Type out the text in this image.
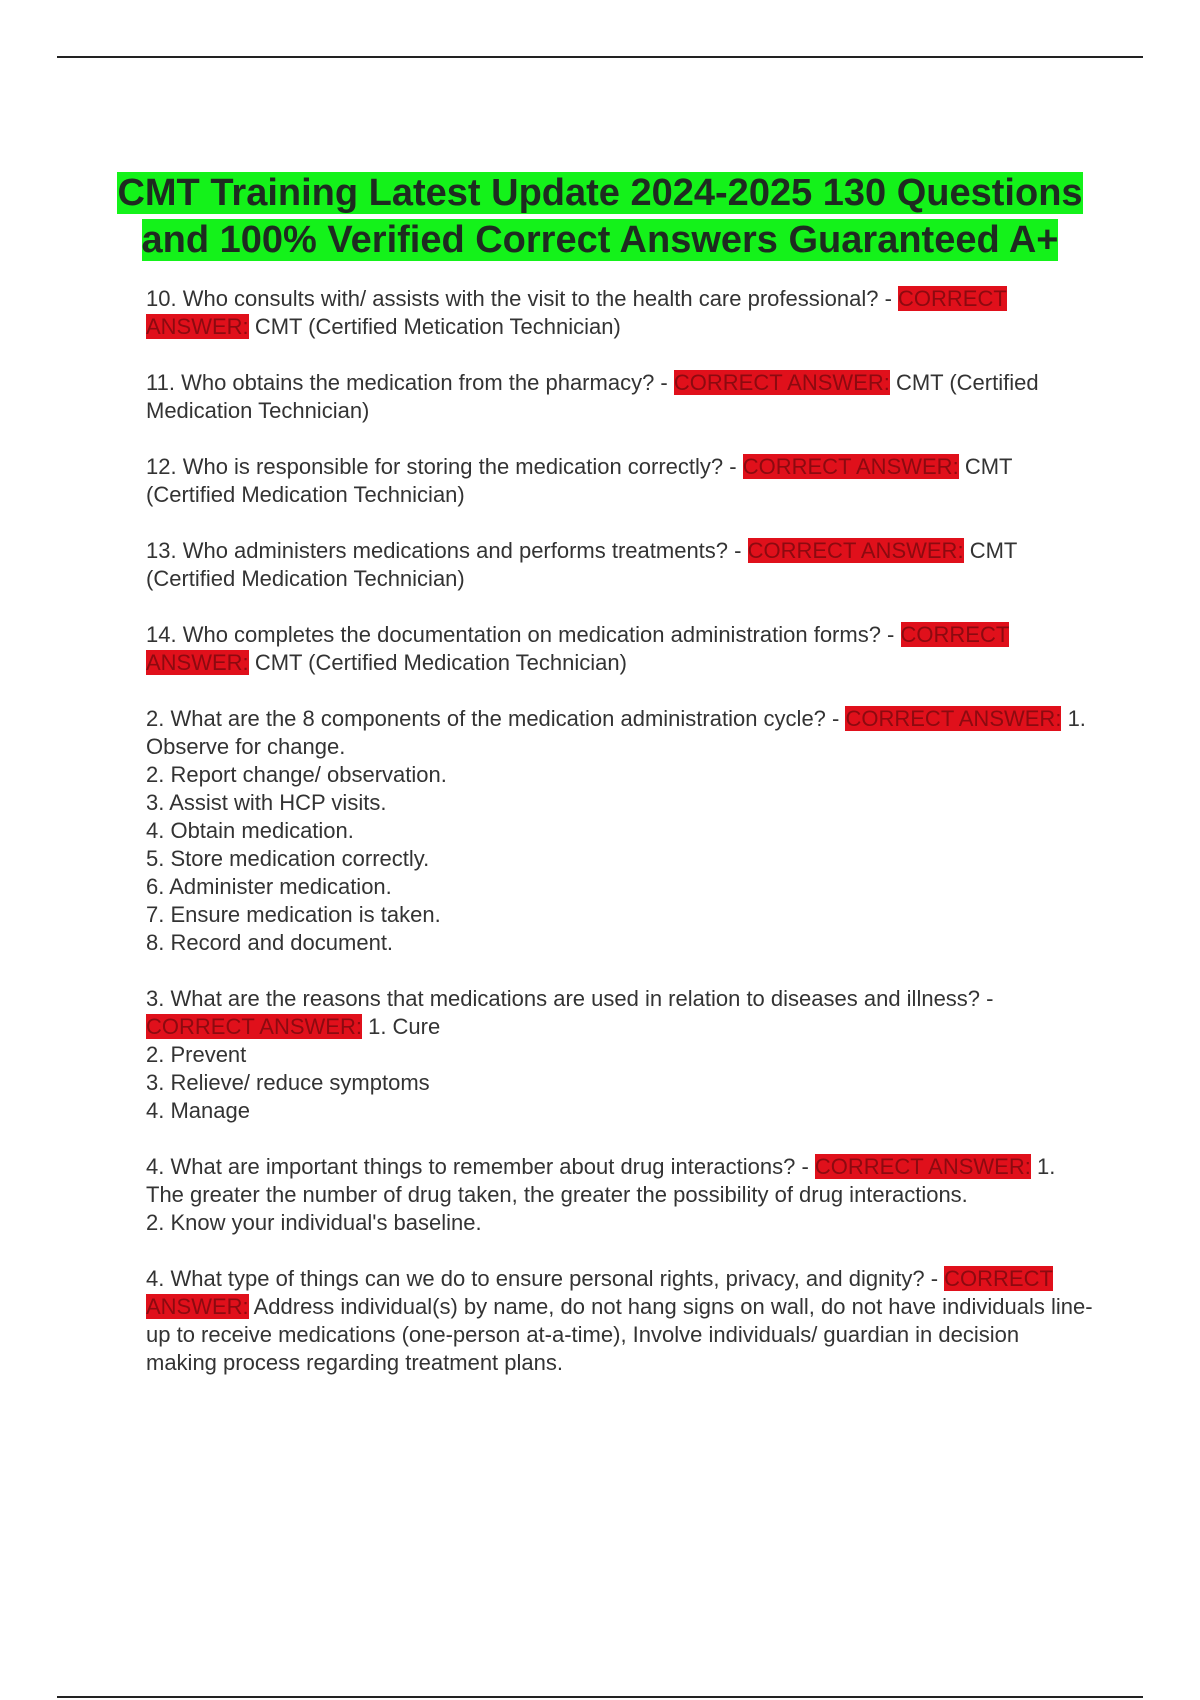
CMT Training Latest Update 2024-2025 130 Questions and 100% Verified Correct Answers Guaranteed A+

10. Who consults with/ assists with the visit to the health care professional? - CORRECT ANSWER: CMT (Certified Metication Technician)

11. Who obtains the medication from the pharmacy? - CORRECT ANSWER: CMT (Certified Medication Technician)

12. Who is responsible for storing the medication correctly? - CORRECT ANSWER: CMT (Certified Medication Technician)

13. Who administers medications and performs treatments? - CORRECT ANSWER: CMT (Certified Medication Technician)

14. Who completes the documentation on medication administration forms? - CORRECT ANSWER: CMT (Certified Medication Technician)

2. What are the 8 components of the medication administration cycle? - CORRECT ANSWER: 1. Observe for change.

2. Report change/ observation.

3. Assist with HCP visits.

4. Obtain medication.

5. Store medication correctly.

6. Administer medication.

7. Ensure medication is taken.

8. Record and document.

3. What are the reasons that medications are used in relation to diseases and illness? - CORRECT ANSWER: 1. Cure

2. Prevent

3. Relieve/ reduce symptoms

4. Manage

4. What are important things to remember about drug interactions? - CORRECT ANSWER: 1. The greater the number of drug taken, the greater the possibility of drug interactions.

2. Know your individual's baseline.

4. What type of things can we do to ensure personal rights, privacy, and dignity? - CORRECT ANSWER: Address individual(s) by name, do not hang signs on wall, do not have individuals line-up to receive medications (one-person at-a-time), Involve individuals/ guardian in decision making process regarding treatment plans.
